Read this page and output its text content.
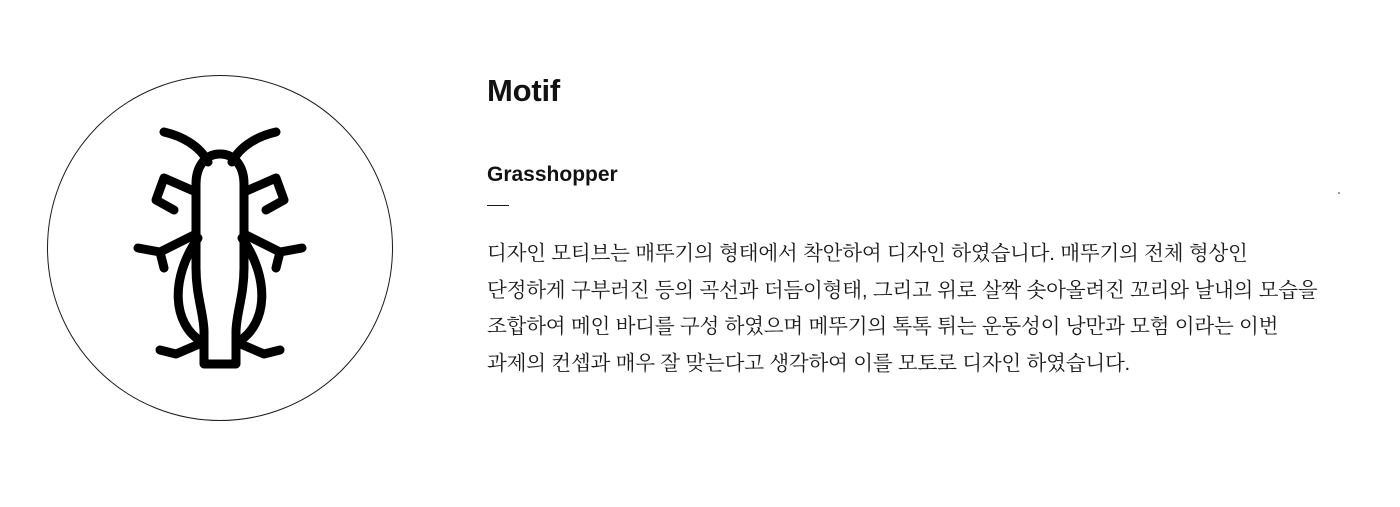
Motif
Grasshopper

디자인 모티브는 매뚜기의 형태에서 착안하여 디자인 하였습니다. 매뚜기의 전체 형상인 단정하게 구부러진 등의 곡선과 더듬이형태, 그리고 위로 살짝 솟아올려진 꼬리와 날내의 모습을 조합하여 메인 바디를 구성 하였으며 메뚜기의 톡톡 튀는 운동성이 낭만과 모험 이라는 이번 과제의 컨셉과 매우 잘 맞는다고 생각하여 이를 모토로 디자인 하였습니다.
